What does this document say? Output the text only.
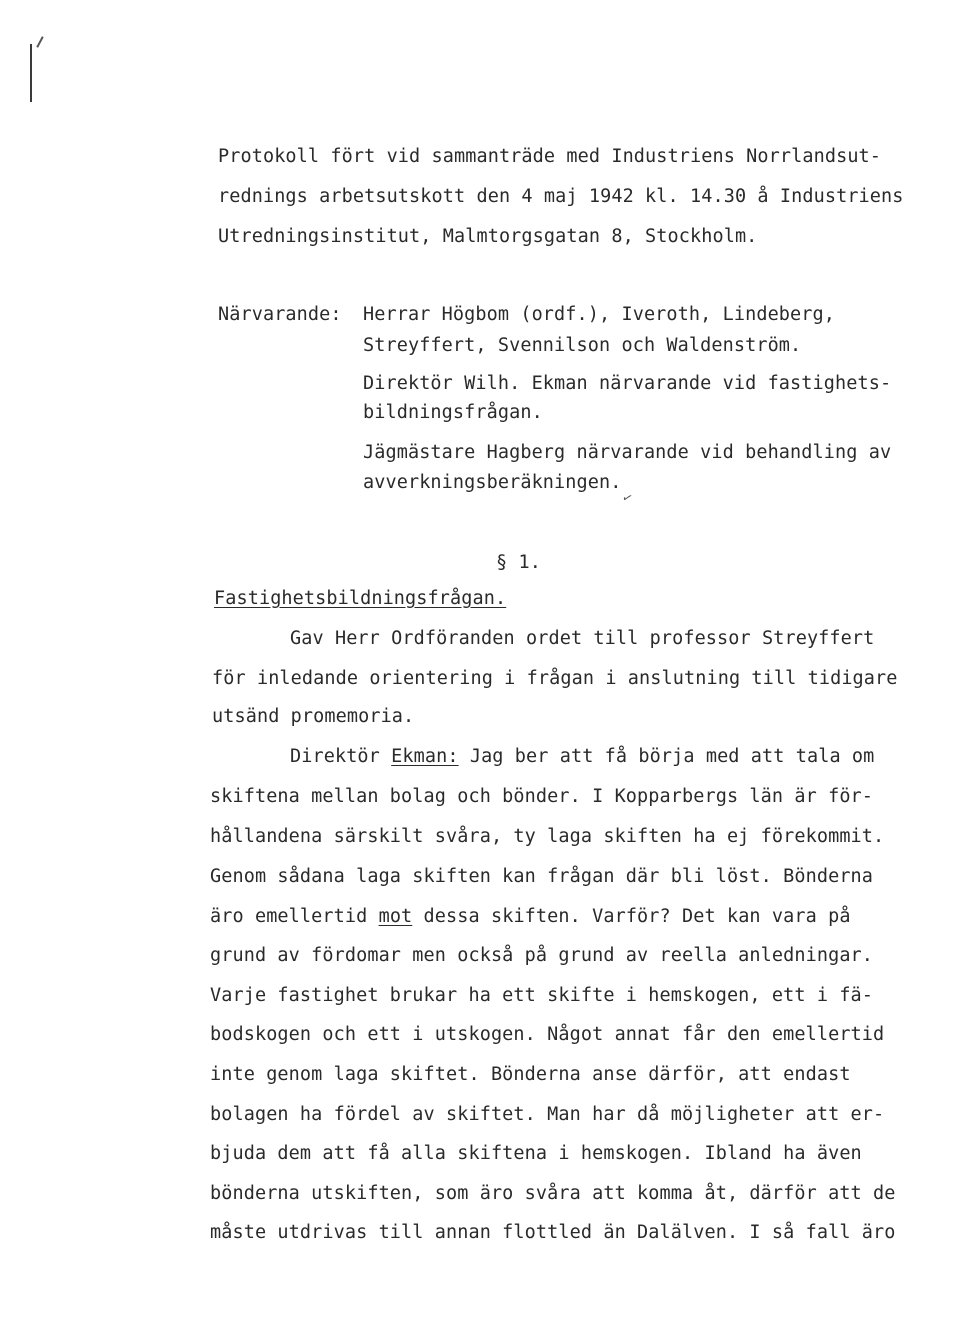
Protokoll fört vid sammanträde med Industriens Norrlandsut-
rednings arbetsutskott den 4 maj 1942 kl. 14.30 å Industriens
Utredningsinstitut, Malmtorgsgatan 8, Stockholm.
Närvarande: Herrar Högbom (ordf.), Iveroth, Lindeberg,
Streyffert, Svennilson och Waldenström.
Direktör Wilh. Ekman närvarande vid fastighets-
bildningsfrågan.
Jägmästare Hagberg närvarande vid behandling av
avverkningsberäkningen.
✓
§ 1.
Fastighetsbildningsfrågan.
Gav Herr Ordföranden ordet till professor Streyffert
för inledande orientering i frågan i anslutning till tidigare
utsänd promemoria.
Direktör Ekman: Jag ber att få börja med att tala om
skiftena mellan bolag och bönder. I Kopparbergs län är för-
hållandena särskilt svåra, ty laga skiften ha ej förekommit.
Genom sådana laga skiften kan frågan där bli löst. Bönderna
äro emellertid mot dessa skiften. Varför? Det kan vara på
grund av fördomar men också på grund av reella anledningar.
Varje fastighet brukar ha ett skifte i hemskogen, ett i fä-
bodskogen och ett i utskogen. Något annat får den emellertid
inte genom laga skiftet. Bönderna anse därför, att endast
bolagen ha fördel av skiftet. Man har då möjligheter att er-
bjuda dem att få alla skiftena i hemskogen. Ibland ha även
bönderna utskiften, som äro svåra att komma åt, därför att de
måste utdrivas till annan flottled än Dalälven. I så fall äro
